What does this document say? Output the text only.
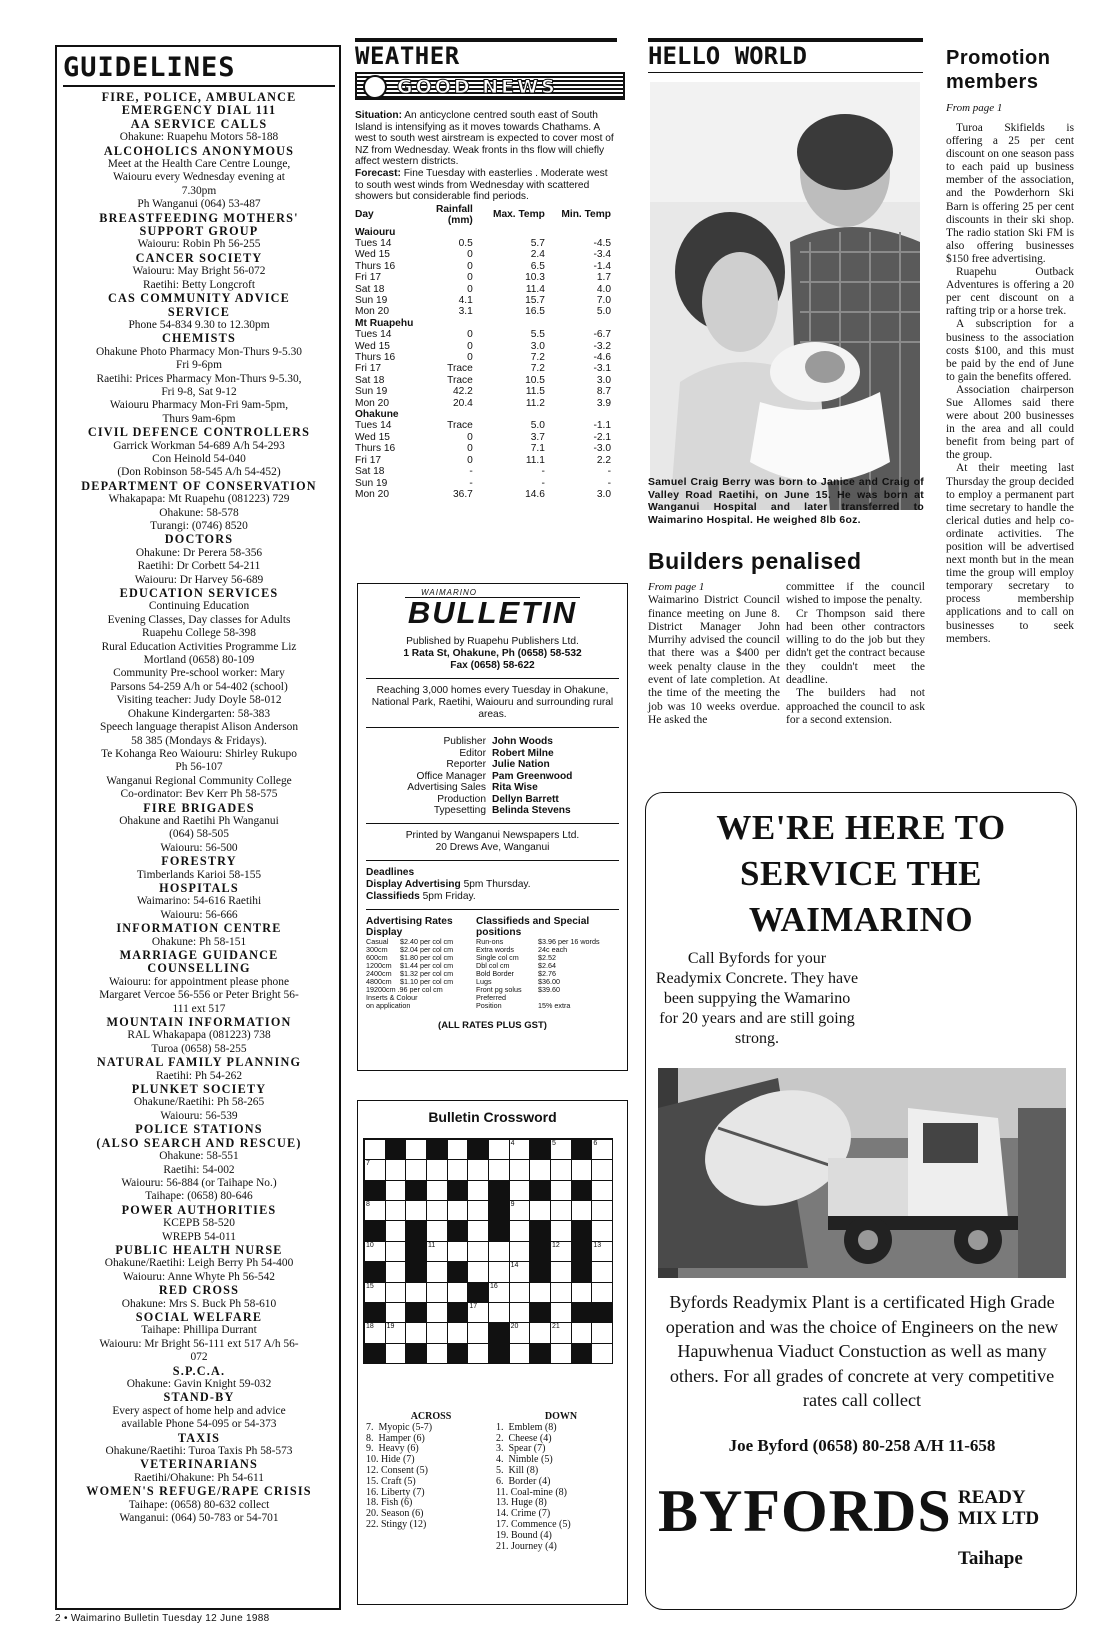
GUIDELINES
FIRE, POLICE, AMBULANCE
EMERGENCY DIAL 111
AA SERVICE CALLS
Ohakune: Ruapehu Motors 58-188
ALCOHOLICS ANONYMOUS
Meet at the Health Care Centre Lounge,
Waiouru every Wednesday evening at
7.30pm
Ph Wanganui (064) 53-487
BREASTFEEDING MOTHERS'
SUPPORT GROUP
Waiouru: Robin Ph 56-255
CANCER SOCIETY
Waiouru: May Bright 56-072
Raetihi: Betty Longcroft
CAS COMMUNITY ADVICE
SERVICE
Phone 54-834 9.30 to 12.30pm
CHEMISTS
Ohakune Photo Pharmacy Mon-Thurs 9-5.30
Fri 9-6pm
Raetihi: Prices Pharmacy Mon-Thurs 9-5.30,
Fri 9-8, Sat 9-12
Waiouru Pharmacy Mon-Fri 9am-5pm,
Thurs 9am-6pm
CIVIL DEFENCE CONTROLLERS
Garrick Workman 54-689 A/h 54-293
Con Heinold 54-040
(Don Robinson 58-545 A/h 54-452)
DEPARTMENT OF CONSERVATION
Whakapapa: Mt Ruapehu (081223) 729
Ohakune: 58-578
Turangi: (0746) 8520
DOCTORS
Ohakune: Dr Perera 58-356
Raetihi: Dr Corbett 54-211
Waiouru: Dr Harvey 56-689
EDUCATION SERVICES
Continuing Education
Evening Classes, Day classes for Adults
Ruapehu College 58-398
Rural Education Activities Programme Liz
Mortland (0658) 80-109
Community Pre-school worker: Mary
Parsons 54-259 A/h or 54-402 (school)
Visiting teacher: Judy Doyle 58-012
Ohakune Kindergarten: 58-383
Speech language therapist Alison Anderson
58 385 (Mondays & Fridays).
Te Kohanga Reo Waiouru: Shirley Rukupo
Ph 56-107
Wanganui Regional Community College
Co-ordinator: Bev Kerr Ph 58-575
FIRE BRIGADES
Ohakune and Raetihi Ph Wanganui
(064) 58-505
Waiouru: 56-500
FORESTRY
Timberlands Karioi 58-155
HOSPITALS
Waimarino: 54-616 Raetihi
Waiouru: 56-666
INFORMATION CENTRE
Ohakune: Ph 58-151
MARRIAGE GUIDANCE
COUNSELLING
Waiouru: for appointment please phone
Margaret Vercoe 56-556 or Peter Bright 56-
111 ext 517
MOUNTAIN INFORMATION
RAL Whakapapa (081223) 738
Turoa (0658) 58-255
NATURAL FAMILY PLANNING
Raetihi: Ph 54-262
PLUNKET SOCIETY
Ohakune/Raetihi: Ph 58-265
Waiouru: 56-539
POLICE STATIONS
(ALSO SEARCH AND RESCUE)
Ohakune: 58-551
Raetihi: 54-002
Waiouru: 56-884 (or Taihape No.)
Taihape: (0658) 80-646
POWER AUTHORITIES
KCEPB 58-520
WREPB 54-011
PUBLIC HEALTH NURSE
Ohakune/Raetihi: Leigh Berry Ph 54-400
Waiouru: Anne Whyte Ph 56-542
RED CROSS
Ohakune: Mrs S. Buck Ph 58-610
SOCIAL WELFARE
Taihape: Phillipa Durrant
Waiouru: Mr Bright 56-111 ext 517 A/h 56-
072
S.P.C.A.
Ohakune: Gavin Knight 59-032
STAND-BY
Every aspect of home help and advice
available Phone 54-095 or 54-373
TAXIS
Ohakune/Raetihi: Turoa Taxis Ph 58-573
VETERINARIANS
Raetihi/Ohakune: Ph 54-611
WOMEN'S REFUGE/RAPE CRISIS
Taihape: (0658) 80-632 collect
Wanganui: (064) 50-783 or 54-701
WEATHER
GOOD NEWS
Situation: An anticyclone centred south east of South Island is intensifying as it moves towards Chathams. A west to south west airstream is expected to cover most of NZ from Wednesday. Weak fronts in ths flow will chiefly affect western districts.
Forecast: Fine Tuesday with easterlies . Moderate west to south west winds from Wednesday with scattered showers but considerable find periods.
Day	Rainfall (mm)	Max. Temp	Min. Temp
Waiouru			
Tues 14	0.5	5.7	-4.5
Wed 15	0	2.4	-3.4
Thurs 16	0	6.5	-1.4
Fri 17	0	10.3	1.7
Sat 18	0	11.4	4.0
Sun 19	4.1	15.7	7.0
Mon 20	3.1	16.5	5.0
Mt Ruapehu			
Tues 14	0	5.5	-6.7
Wed 15	0	3.0	-3.2
Thurs 16	0	7.2	-4.6
Fri 17	Trace	7.2	-3.1
Sat 18	Trace	10.5	3.0
Sun 19	42.2	11.5	8.7
Mon 20	20.4	11.2	3.9
Ohakune			
Tues 14	Trace	5.0	-1.1
Wed 15	0	3.7	-2.1
Thurs 16	0	7.1	-3.0
Fri 17	0	11.1	2.2
Sat 18	-	-	-
Sun 19	-	-	-
Mon 20	36.7	14.6	3.0
WAIMARINO
BULLETIN
Published by Ruapehu Publishers Ltd.
1 Rata St, Ohakune, Ph (0658) 58-532
Fax (0658) 58-622
Reaching 3,000 homes every Tuesday in Ohakune, National Park, Raetihi, Waiouru and surrounding rural areas.
Publisher John Woods
Editor Robert Milne
Reporter Julie Nation
Office Manager Pam Greenwood
Advertising Sales Rita Wise
Production Dellyn Barrett
Typesetting Belinda Stevens
Printed by Wanganui Newspapers Ltd.
20 Drews Ave, Wanganui
Deadlines
Display Advertising 5pm Thursday.
Classifieds 5pm Friday.
Advertising Rates Display
Casual	$2.40 per col cm
300cm	$2.04 per col cm
600cm	$1.80 per col cm
1200cm	$1.44 per col cm
2400cm	$1.32 per col cm
4800cm	$1.10 per col cm
19200cm .96 per col cm
Inserts & Colour
on application
Classifieds and Special positions
Run-ons	$3.96 per 16 words
Extra words	24c each
Single col cm	$2.52
Dbl col cm	$2.64
Bold Border	$2.76
Lugs	$36.00
Front pg solus	$39.60
Preferred
Position	15% extra
(ALL RATES PLUS GST)
Bulletin Crossword
4	5	6
7
8	9
10	11	12	13
14
15	16
17
18	19	20	21
ACROSS
7.  Myopic (5-7)
8.  Hamper (6)
9.  Heavy (6)
10. Hide (7)
12. Consent (5)
15. Craft (5)
16. Liberty (7)
18. Fish (6)
20. Season (6)
22. Stingy (12)
DOWN
1.  Emblem (8)
2.  Cheese (4)
3.  Spear (7)
4.  Nimble (5)
5.  Kill (8)
6.  Border (4)
11. Coal-mine (8)
13. Huge (8)
14. Crime (7)
17. Commence (5)
19. Bound (4)
21. Journey (4)
HELLO WORLD
Samuel Craig Berry was born to Janice and Craig of Valley Road Raetihi, on June 15. He was born at Wanganui Hospital and later transferred to Waimarino Hospital. He weighed 8lb 6oz.
Builders penalised
From page 1
Waimarino District Council finance meeting on June 8. District Manager John Murrihy advised the council that there was a $400 per week penalty clause in the event of late completion. At the time of the meeting the job was 10 weeks overdue. He asked the
committee if the council wished to impose the penalty.
Cr Thompson said there had been other contractors willing to do the job but they didn't get the contract because they couldn't meet the deadline.
The builders had not approached the council to ask for a second extension.
Promotion members
From page 1
Turoa Skifields is offering a 25 per cent discount on one season pass to each paid up business member of the association, and the Powderhorn Ski Barn is offering 25 per cent discounts in their ski shop. The radio station Ski FM is also offering businesses $150 free advertising.
Ruapehu Outback Adventures is offering a 20 per cent discount on a rafting trip or a horse trek.
A subscription for a business to the association costs $100, and this must be paid by the end of June to gain the benefits offered.
Association chairperson Sue Allomes said there were about 200 businesses in the area and all could benefit from being part of the group.
At their meeting last Thursday the group decided to employ a permanent part time secretary to handle the clerical duties and help co-ordinate activities. The position will be advertised next month but in the mean time the group will employ temporary secretary to process membership applications and to call on businesses to seek members.
WE'RE HERE TO SERVICE THE WAIMARINO
Call Byfords for your Readymix Concrete. They have been suppying the Wamarino for 20 years and are still going strong.
Byfords Readymix Plant is a certificated High Grade operation and was the choice of Engineers on the new Hapuwhenua Viaduct Constuction as well as many others. For all grades of concrete at very competitive rates call collect
Joe Byford (0658) 80-258 A/H 11-658
BYFORDS READY
MIX LTD
Taihape
2 • Waimarino Bulletin Tuesday 12 June 1988
